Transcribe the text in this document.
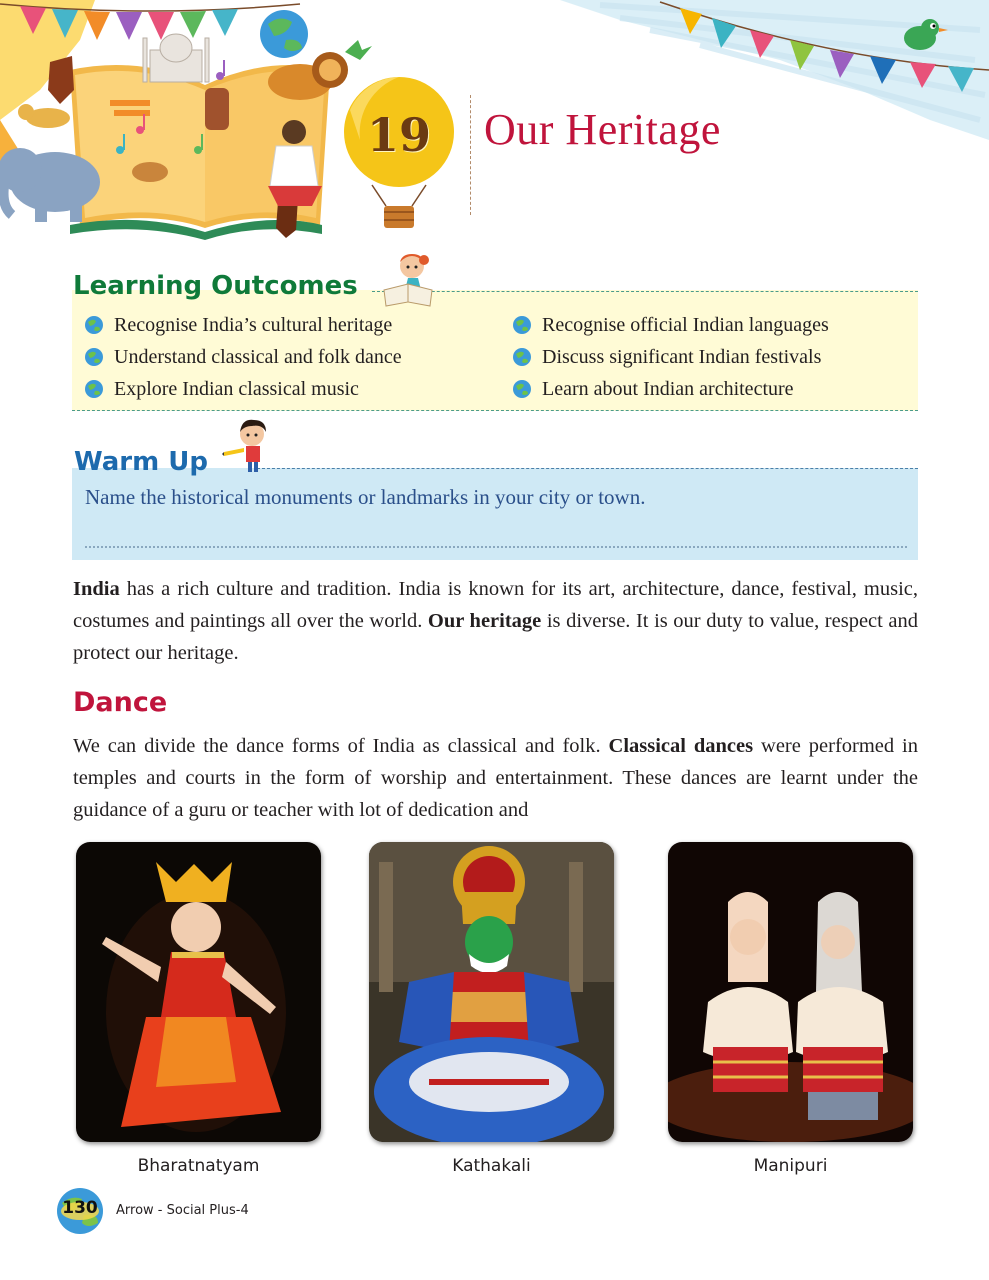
19 Our Heritage
Learning Outcomes
Recognise India’s cultural heritage
Understand classical and folk dance
Explore Indian classical music
Recognise official Indian languages
Discuss significant Indian festivals
Learn about Indian architecture
Warm Up
Name the historical monuments or landmarks in your city or town.

India has a rich culture and tradition. India is known for its art, architecture, dance, festival, music, costumes and paintings all over the world. Our heritage is diverse. It is our duty to value, respect and protect our heritage.

Dance

We can divide the dance forms of India as classical and folk. Classical dances were performed in temples and courts in the form of worship and entertainment. These dances are learnt under the guidance of a guru or teacher with lot of dedication and

Bharatnatyam	Kathakali	Manipuri
130	Arrow - Social Plus-4
